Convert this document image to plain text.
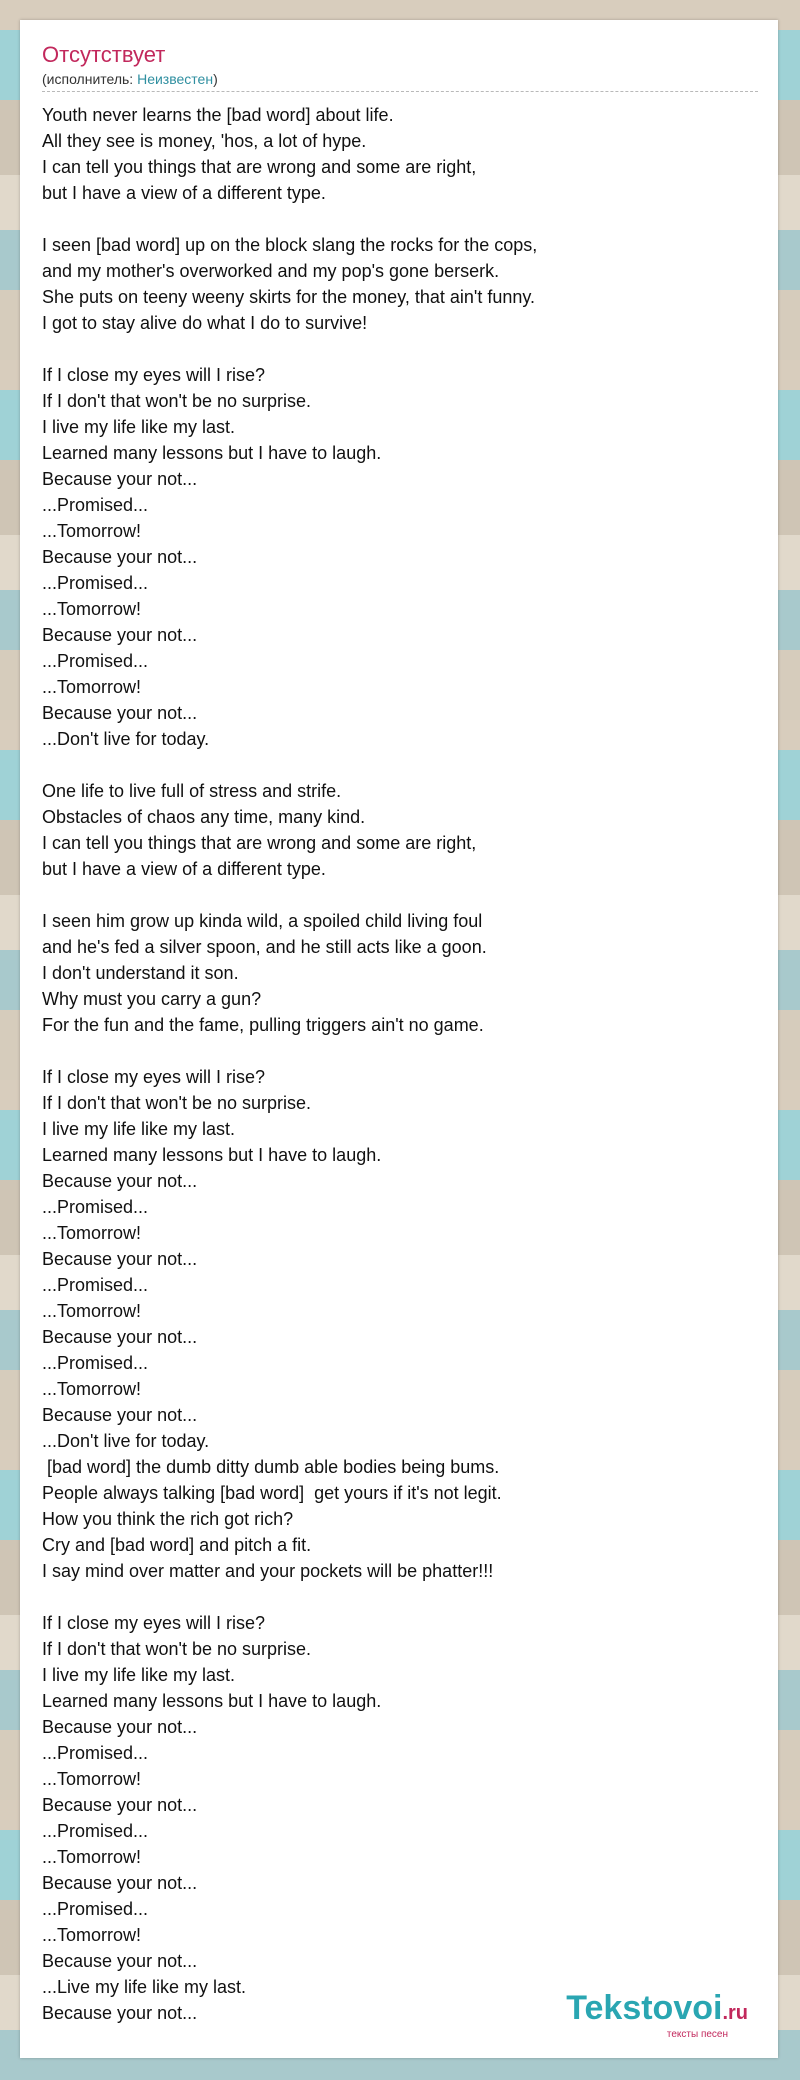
Отсутствует
(исполнитель: Неизвестен)
Youth never learns the [bad word] about life.
All they see is money, 'hos, a lot of hype.
I can tell you things that are wrong and some are right,
but I have a view of a different type.
I seen [bad word] up on the block slang the rocks for the cops,
and my mother's overworked and my pop's gone berserk.
She puts on teeny weeny skirts for the money, that ain't funny.
I got to stay alive do what I do to survive!
If I close my eyes will I rise?
If I don't that won't be no surprise.
I live my life like my last.
Learned many lessons but I have to laugh.
Because your not...
...Promised...
...Tomorrow!
Because your not...
...Promised...
...Tomorrow!
Because your not...
...Promised...
...Tomorrow!
Because your not...
...Don't live for today.
One life to live full of stress and strife.
Obstacles of chaos any time, many kind.
I can tell you things that are wrong and some are right,
but I have a view of a different type.
I seen him grow up kinda wild, a spoiled child living foul
and he's fed a silver spoon, and he still acts like a goon.
I don't understand it son.
Why must you carry a gun?
For the fun and the fame, pulling triggers ain't no game.
If I close my eyes will I rise?
If I don't that won't be no surprise.
I live my life like my last.
Learned many lessons but I have to laugh.
Because your not...
...Promised...
...Tomorrow!
Because your not...
...Promised...
...Tomorrow!
Because your not...
...Promised...
...Tomorrow!
Because your not...
...Don't live for today.
[bad word] the dumb ditty dumb able bodies being bums.
People always talking [bad word]  get yours if it's not legit.
How you think the rich got rich?
Cry and [bad word] and pitch a fit.
I say mind over matter and your pockets will be phatter!!!
If I close my eyes will I rise?
If I don't that won't be no surprise.
I live my life like my last.
Learned many lessons but I have to laugh.
Because your not...
...Promised...
...Tomorrow!
Because your not...
...Promised...
...Tomorrow!
Because your not...
...Promised...
...Tomorrow!
Because your not...
...Live my life like my last.
Because your not...	Tekstovoi.ru
тексты песен
